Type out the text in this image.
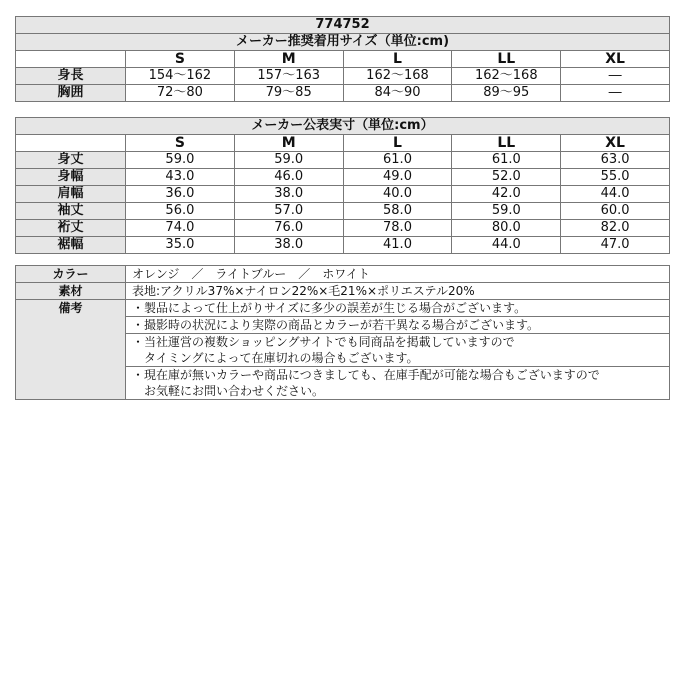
774752					
メーカー推奨着用サイズ（単位:cm)					
	S	M	L	LL	XL
身長	154〜162	157〜163	162〜168	162〜168	―
胸囲	72〜80	79〜85	84〜90	89〜95	―
メーカー公表実寸（単位:cm）					
	S	M	L	LL	XL
身丈	59.0	59.0	61.0	61.0	63.0
身幅	43.0	46.0	49.0	52.0	55.0
肩幅	36.0	38.0	40.0	42.0	44.0
袖丈	56.0	57.0	58.0	59.0	60.0
裄丈	74.0	76.0	78.0	80.0	82.0
裾幅	35.0	38.0	41.0	44.0	47.0
カラー	オレンジ　／　ライトブルー　／　ホワイト
素材	表地:アクリル37%×ナイロン22%×毛21%×ポリエステル20%
備考	・製品によって仕上がりサイズに多少の誤差が生じる場合がございます。
	・撮影時の状況により実際の商品とカラーが若干異なる場合がございます。

	・当社運営の複数ショッピングサイトでも同商品を掲載していますので
　タイミングによって在庫切れの場合もございます。

	・現在庫が無いカラーや商品につきましても、在庫手配が可能な場合もございますので
　お気軽にお問い合わせください。
